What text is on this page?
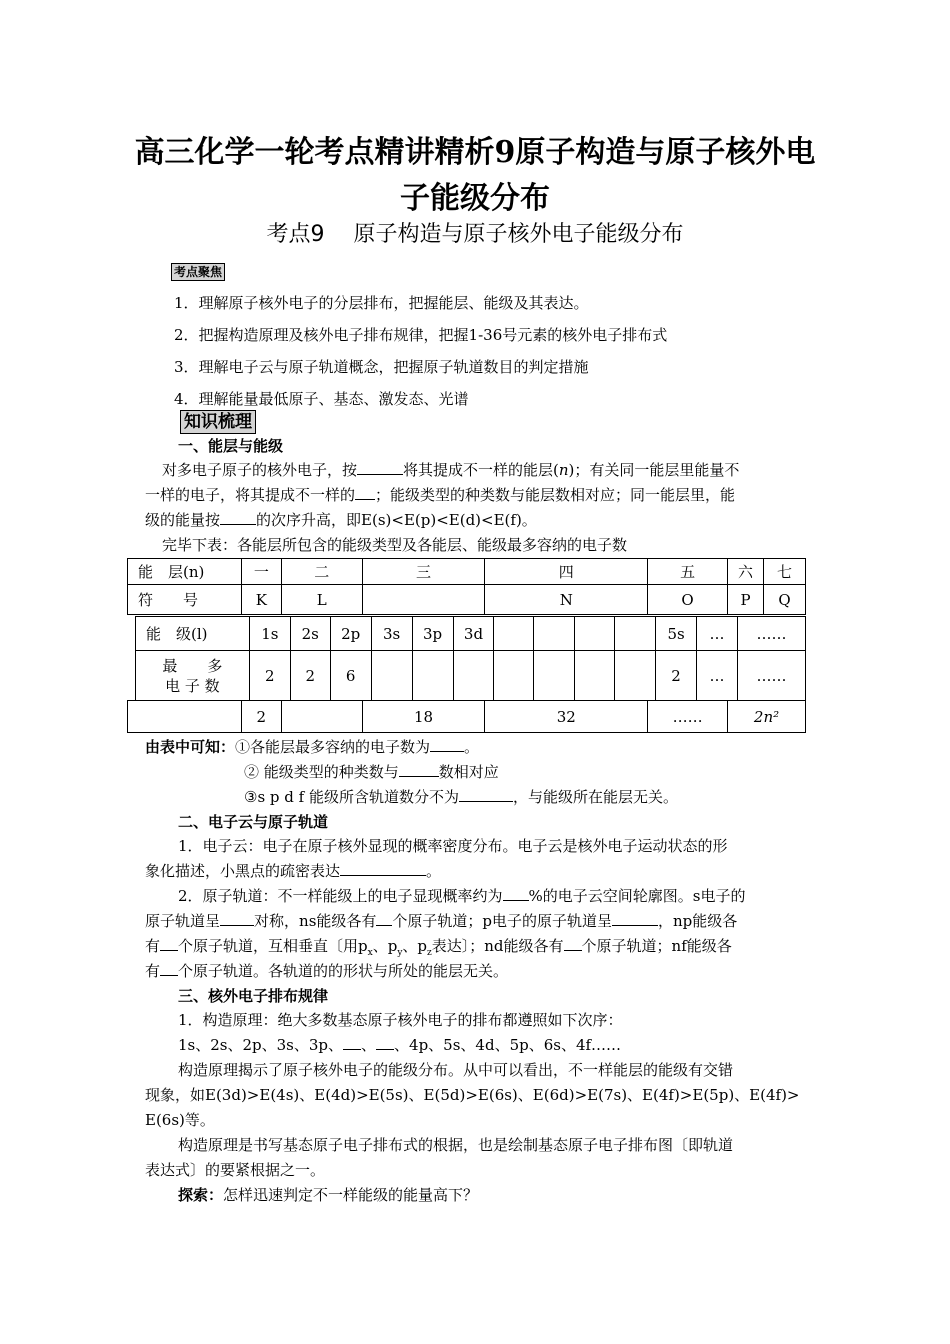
高三化学一轮考点精讲精析9原子构造与原子核外电
子能级分布
考点9　 原子构造与原子核外电子能级分布
考点聚焦
1．理解原子核外电子的分层排布，把握能层、能级及其表达。
2．把握构造原理及核外电子排布规律，把握1-36号元素的核外电子排布式
3．理解电子云与原子轨道概念，把握原子轨道数目的判定措施
4．理解能量最低原子、基态、激发态、光谱
知识梳理
一、能层与能级
对多电子原子的核外电子，按	将其提成不一样的能层(n)；有关同一能层里能量不
一样的电子，将其提成不一样的 ；能级类型的种类数与能层数相对应；同一能层里，能
级的能量按 的次序升高，即E(s)<E(p)<E(d)<E(f)。
完毕下表：各能层所包含的能级类型及各能层、能级最多容纳的电子数
能　层(n)	一	二	三	四	五	六	七
符　　号	K	L		N	O	P	Q
能　级(l)	1s	2s	2p	3s	3p	3d					5s	…	……

最　　多
电 子 数	2	2	6								2	…	……
	2		18	32	……	2n²
由表中可知：①各能层最多容纳的电子数为 。
② 能级类型的种类数与	数相对应
③s p d f 能级所含轨道数分不为	，与能级所在能层无关。
二、电子云与原子轨道
1．电子云：电子在原子核外显现的概率密度分布。电子云是核外电子运动状态的形
象化描述，小黑点的疏密表达	。
2．原子轨道：不一样能级上的电子显现概率约为 %的电子云空间轮廓图。s电子的
原子轨道呈 对称，ns能级各有 个原子轨道；p电子的原子轨道呈	，np能级各
有 个原子轨道，互相垂直〔用$p_x$、$p_y$、$p_z$表达〕；nd能级各有 个原子轨道；nf能级各
有 个原子轨道。各轨道的的形状与所处的能层无关。
三、核外电子排布规律
1．构造原理：绝大多数基态原子核外电子的排布都遵照如下次序：
1s、2s、2p、3s、3p、 、 、4p、5s、4d、5p、6s、4f……
构造原理揭示了原子核外电子的能级分布。从中可以看出，不一样能层的能级有交错
现象，如E(3d)>E(4s)、E(4d)>E(5s)、E(5d)>E(6s)、E(6d)>E(7s)、E(4f)>E(5p)、E(4f)>
E(6s)等。
构造原理是书写基态原子电子排布式的根据，也是绘制基态原子电子排布图〔即轨道
表达式〕的要紧根据之一。
探索：怎样迅速判定不一样能级的能量高下？
